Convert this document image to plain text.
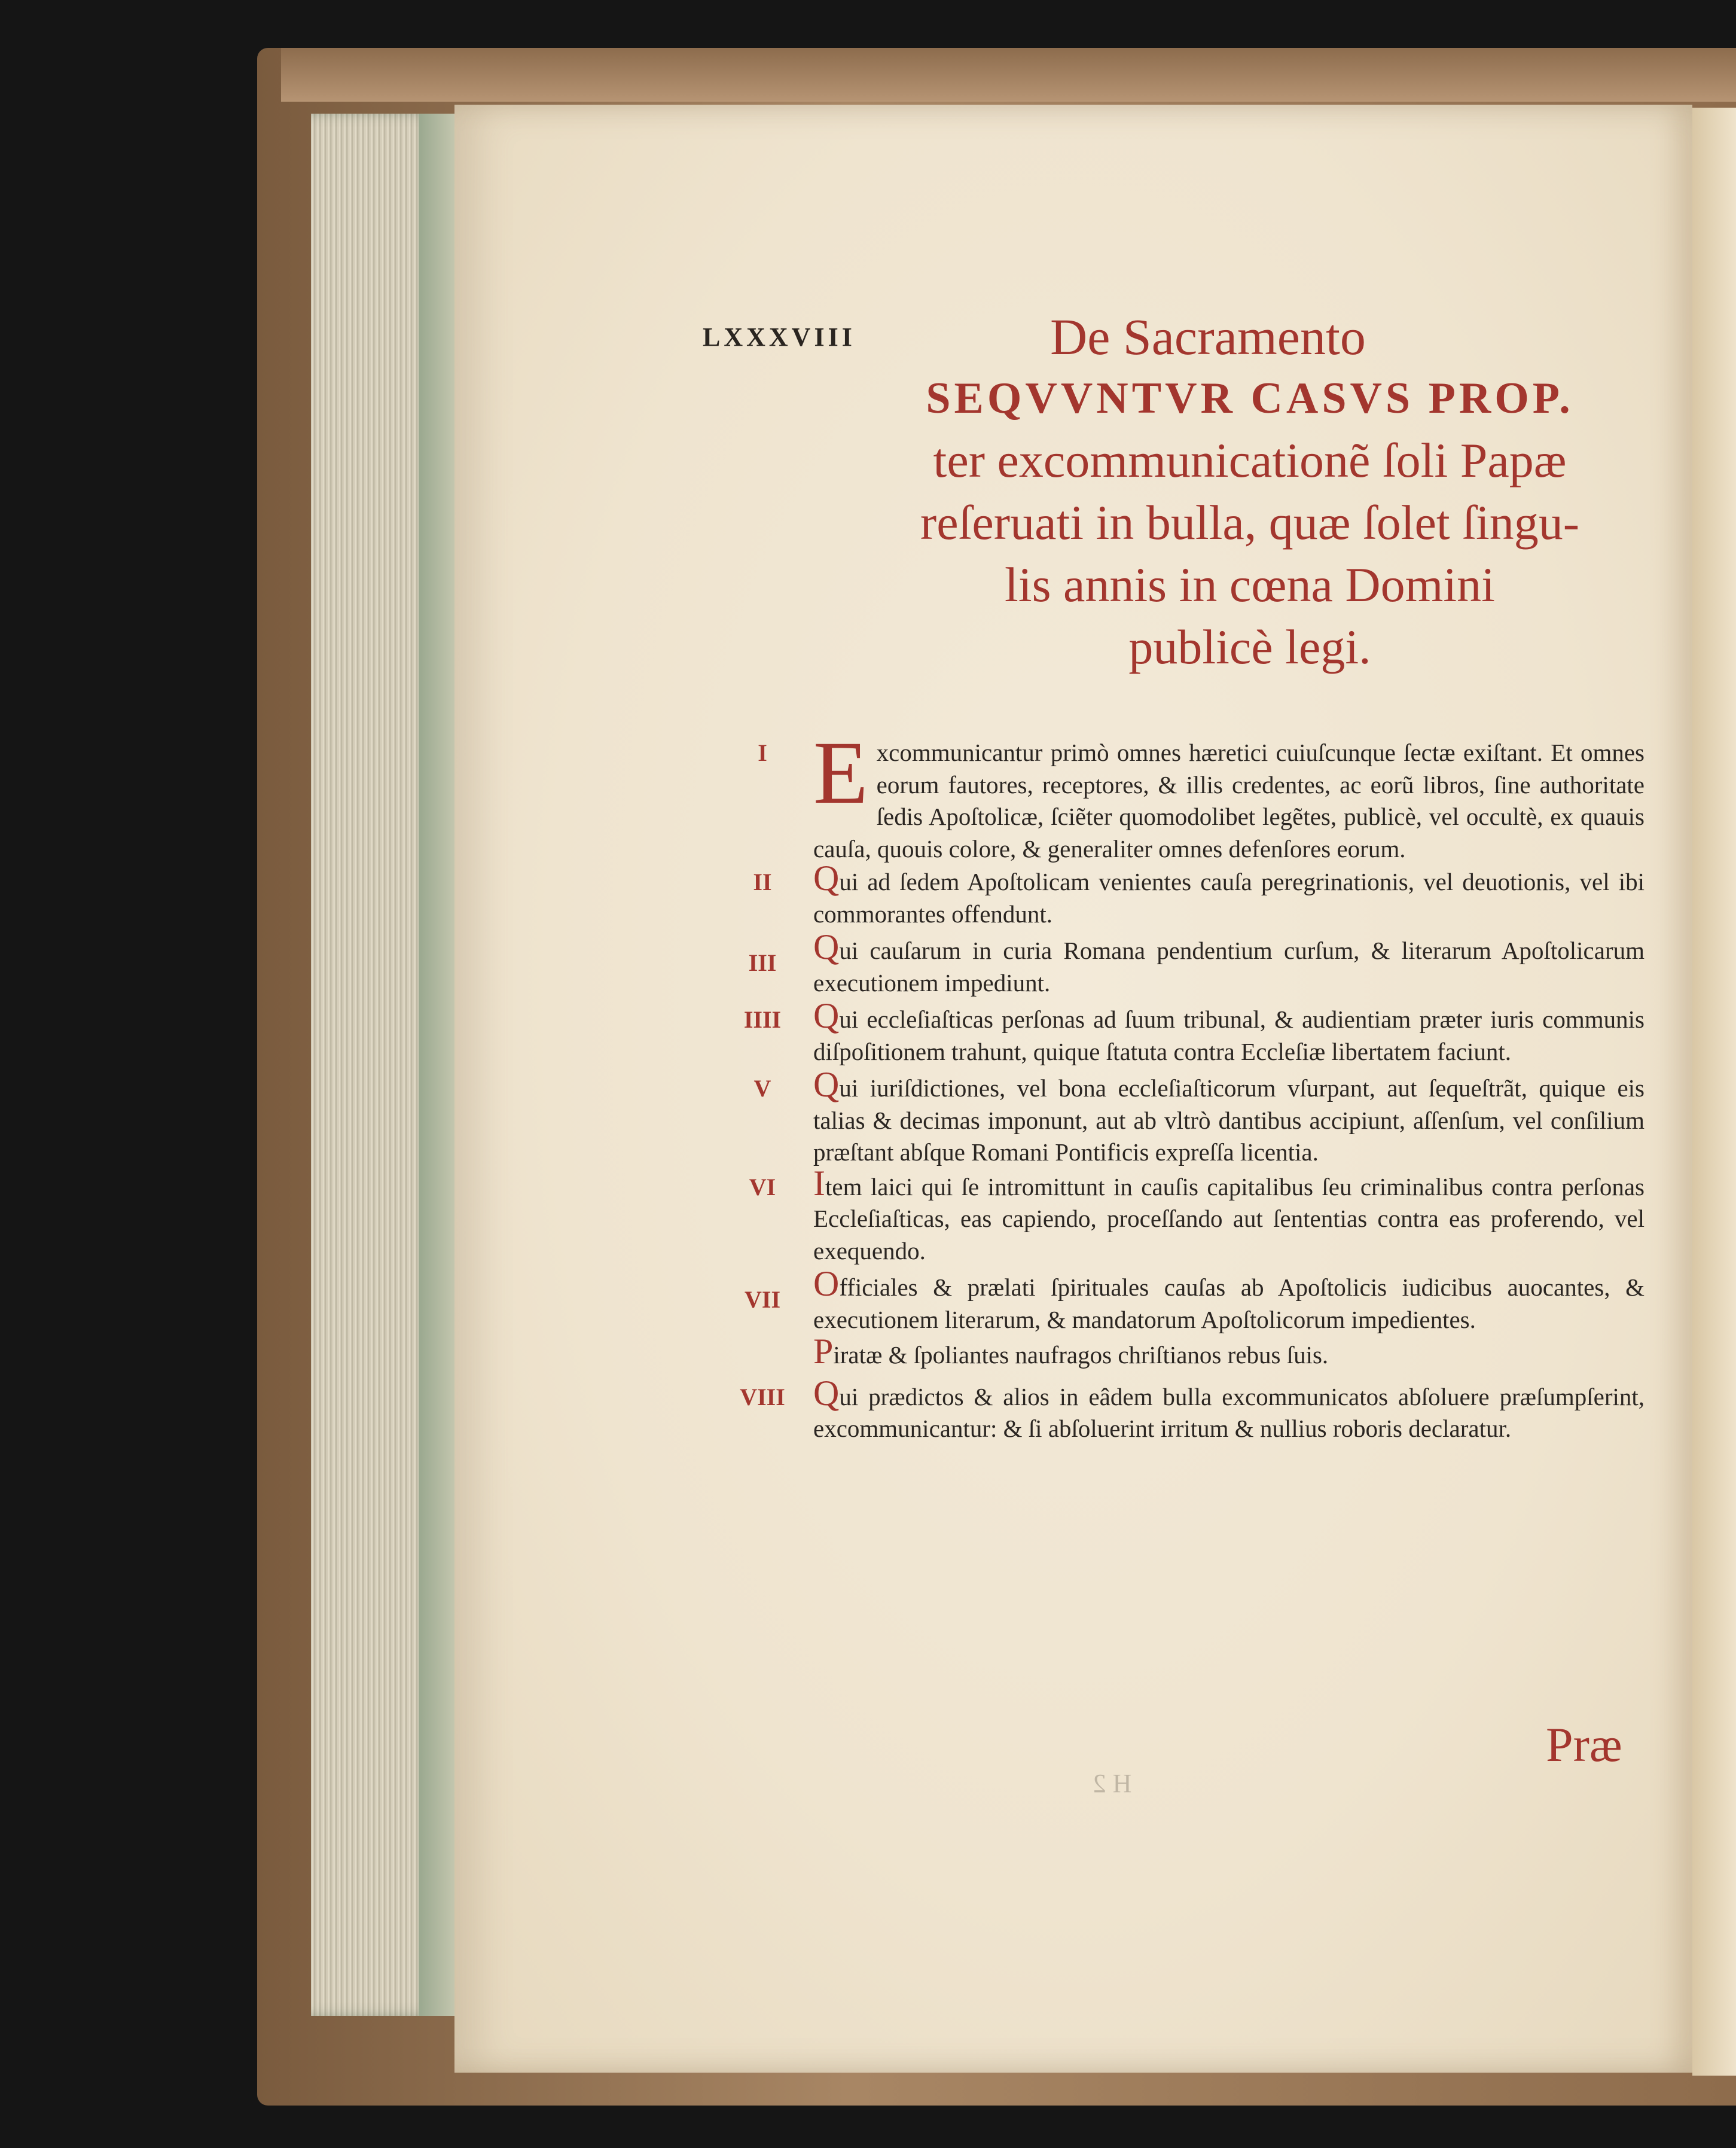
LXXXVIII	De Sacramento
SEQVVNTVR CASVS PROP.
ter excommunicationẽ ſoli Papæ
reſeruati in bulla, quæ ſolet ſingu-
lis annis in cœna Domini
publicè legi.

I E xcommunicantur primò omnes hæretici cuiuſcunque ſectæ exiſtant. Et omnes eorum fautores, receptores, & illis credentes, ac eorũ libros, ſine authoritate ſedis Apoſtolicæ, ſciẽter quomodolibet legẽtes, publicè, vel occultè, ex quauis cauſa, quouis colore, & generaliter omnes defenſores eorum.

II	Qui ad ſedem Apoſtolicam venientes cauſa peregrinationis, vel deuotionis, vel ibi commorantes offendunt.

III	Qui cauſarum in curia Romana pendentium curſum, & literarum Apoſtolicarum executionem impediunt.

IIII Qui eccleſiaſticas perſonas ad ſuum tribunal, & audientiam præter iuris communis diſpoſitionem trahunt, quique ſtatuta contra Eccleſiæ libertatem faciunt.

V	Qui iuriſdictiones, vel bona eccleſiaſticorum vſurpant, aut ſequeſtrãt, quique eis talias & decimas imponunt, aut ab vltrò dantibus accipiunt, aſſenſum, vel conſilium præſtant abſque Romani Pontificis expreſſa licentia.

VI	Item laici qui ſe intromittunt in cauſis capitalibus ſeu criminalibus contra perſonas Eccleſiaſticas, eas capiendo, proceſſando aut ſententias contra eas proferendo, vel exequendo.

VII Officiales & prælati ſpirituales cauſas ab Apoſtolicis iudicibus auocantes, & executionem literarum, & mandatorum Apoſtolicorum impedientes.

Piratæ & ſpoliantes naufragos chriſtianos rebus ſuis.

VIII Qui prædictos & alios in eâdem bulla excommunicatos abſoluere præſumpſerint, excommunicantur: & ſi abſoluerint irritum & nullius roboris declaratur.

Præ
H 2
